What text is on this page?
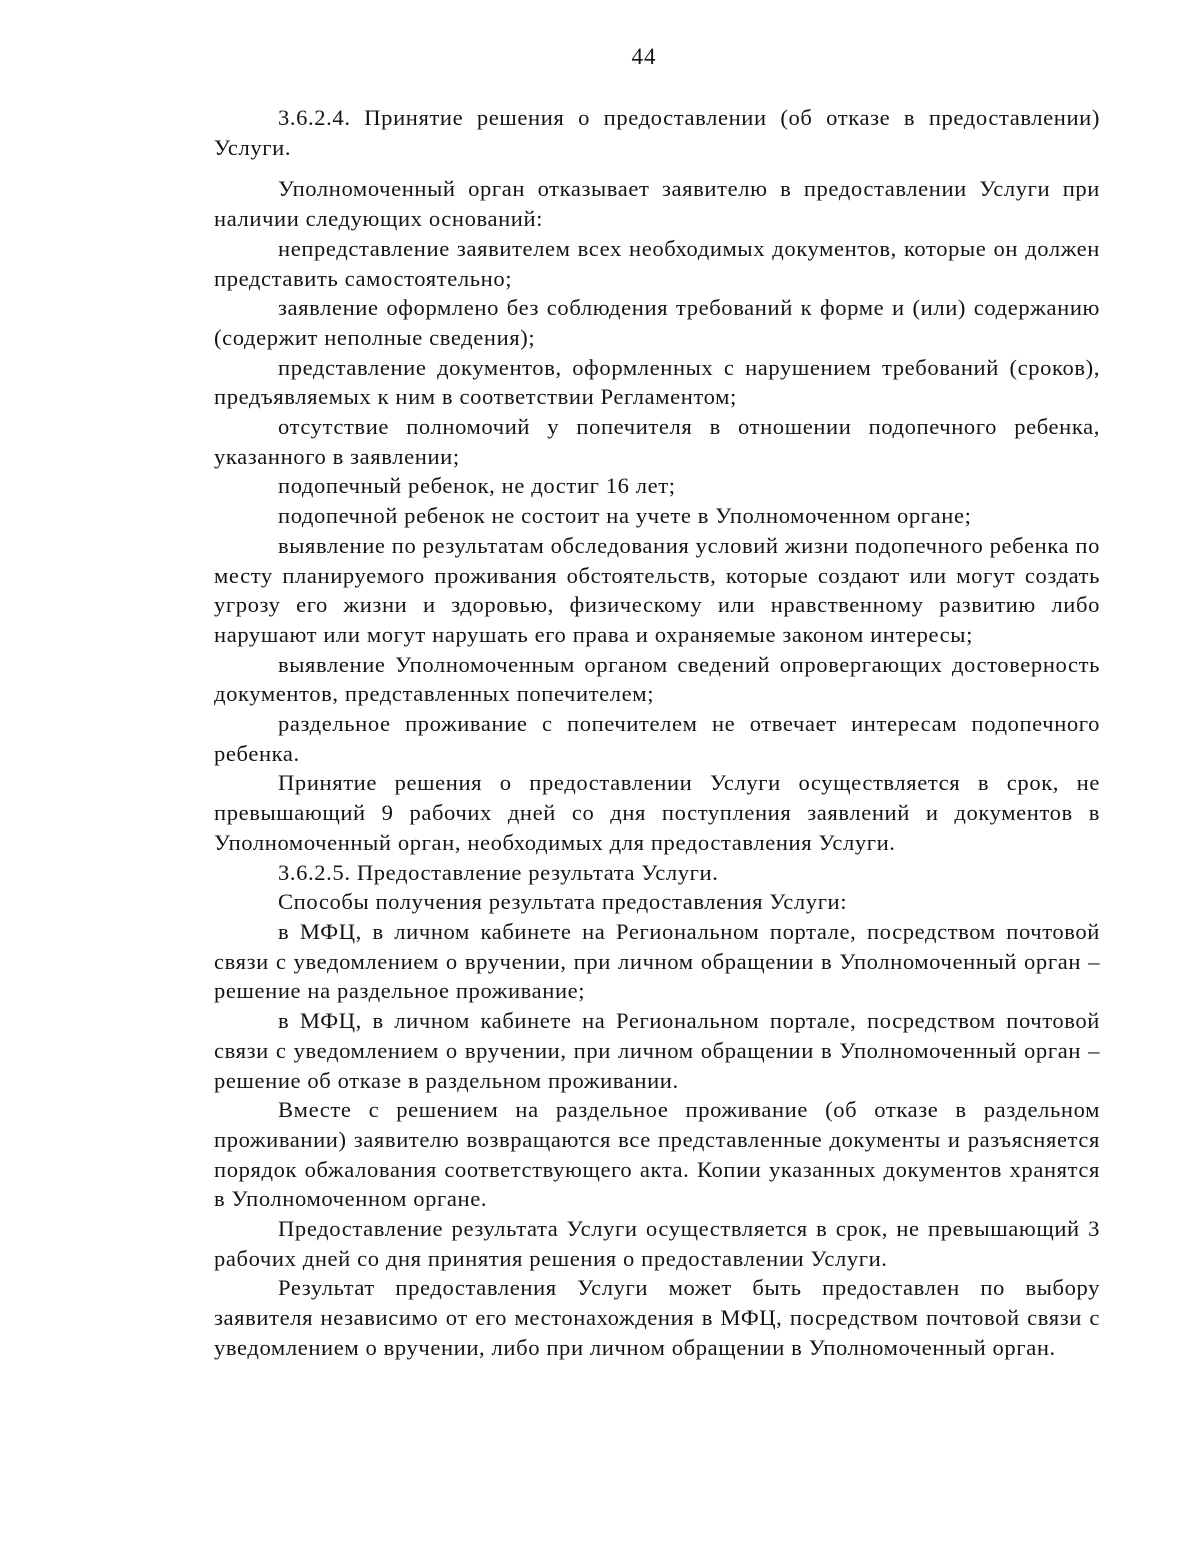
44

3.6.2.4. Принятие решения о предоставлении (об отказе в предоставлении) Услуги.

Уполномоченный орган отказывает заявителю в предоставлении Услуги при наличии следующих оснований:

непредставление заявителем всех необходимых документов, которые он должен представить самостоятельно;

заявление оформлено без соблюдения требований к форме и (или) содержанию (содержит неполные сведения);

представление документов, оформленных с нарушением требований (сроков), предъявляемых к ним в соответствии Регламентом;

отсутствие полномочий у попечителя в отношении подопечного ребенка, указанного в заявлении;

подопечный ребенок, не достиг 16 лет;

подопечной ребенок не состоит на учете в Уполномоченном органе;

выявление по результатам обследования условий жизни подопечного ребенка по месту планируемого проживания обстоятельств, которые создают или могут создать угрозу его жизни и здоровью, физическому или нравственному развитию либо нарушают или могут нарушать его права и охраняемые законом интересы;

выявление Уполномоченным органом сведений опровергающих достоверность документов, представленных попечителем;

раздельное проживание с попечителем не отвечает интересам подопечного ребенка.

Принятие решения о предоставлении Услуги осуществляется в срок, не превышающий 9 рабочих дней со дня поступления заявлений и документов в Уполномоченный орган, необходимых для предоставления Услуги.

3.6.2.5. Предоставление результата Услуги.

Способы получения результата предоставления Услуги:

в МФЦ, в личном кабинете на Региональном портале, посредством почтовой связи с уведомлением о вручении, при личном обращении в Уполномоченный орган – решение на раздельное проживание;

в МФЦ, в личном кабинете на Региональном портале, посредством почтовой связи с уведомлением о вручении, при личном обращении в Уполномоченный орган – решение об отказе в раздельном проживании.

Вместе с решением на раздельное проживание (об отказе в раздельном проживании) заявителю возвращаются все представленные документы и разъясняется порядок обжалования соответствующего акта. Копии указанных документов хранятся в Уполномоченном органе.

Предоставление результата Услуги осуществляется в срок, не превышающий 3 рабочих дней со дня принятия решения о предоставлении Услуги.

Результат предоставления Услуги может быть предоставлен по выбору заявителя независимо от его местонахождения в МФЦ, посредством почтовой связи с уведомлением о вручении, либо при личном обращении в Уполномоченный орган.
